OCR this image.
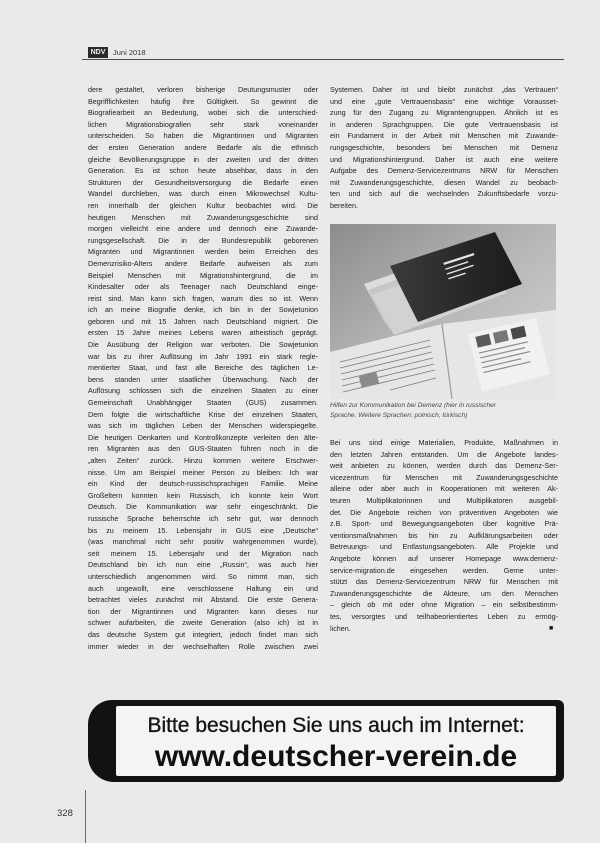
NDV	Juni 2018
dere gestaltet, verloren bisherige Deutungsmuster oder
Begrifflichkeiten häufig ihre Gültigkeit. So gewinnt die
Biografiearbeit an Bedeutung, wobei sich die unterschied-
lichen Migrationsbiografien sehr stark voneinander
unterscheiden. So haben die Migrantinnen und Migranten
der ersten Generation andere Bedarfe als die ethnisch
gleiche Bevölkerungsgruppe in der zweiten und der dritten
Generation. Es ist schon heute absehbar, dass in den
Strukturen der Gesundheitsversorgung die Bedarfe einen
Wandel durchleben, was durch einen Mikrowechsel Kultu-
ren innerhalb der gleichen Kultur beobachtet wird. Die
heutigen Menschen mit Zuwanderungsgeschichte sind
morgen vielleicht eine andere und dennoch eine Zuwande-
rungsgesellschaft. Die in der Bundesrepublik geborenen
Migranten und Migrantinnen werden beim Erreichen des
Demenzrisiko-Alters andere Bedarfe aufweisen als zum
Beispiel Menschen mit Migrationshintergrund, die im
Kindesalter oder als Teenager nach Deutschland einge-
reist sind. Man kann sich fragen, warum dies so ist. Wenn
ich an meine Biografie denke, ich bin in der Sowjetunion
geboren und mit 15 Jahren nach Deutschland migriert. Die
ersten 15 Jahre meines Lebens waren atheistisch geprägt.
Die Ausübung der Religion war verboten. Die Sowjetunion
war bis zu ihrer Auflösung im Jahr 1991 ein stark regle-
mentierter Staat, und fast alle Bereiche des täglichen Le-
bens standen unter staatlicher Überwachung. Nach der
Auflösung schlossen sich die einzelnen Staaten zu einer
Gemeinschaft Unabhängiger Staaten (GUS) zusammen.
Dem folgte die wirtschaftliche Krise der einzelnen Staaten,
was sich im täglichen Leben der Menschen widerspiegelte.
Die heutigen Denkarten und Kontrollkonzepte verleiten den älte-
ren Migranten aus den GUS-Staaten führen noch in die
„alten Zeiten“ zurück. Hinzu kommen weitere Erschwer-
nisse. Um am Beispiel meiner Person zu bleiben: Ich war
ein Kind der deutsch-russischsprachigen Familie. Meine
Großeltern konnten kein Russisch, ich konnte kein Wort
Deutsch. Die Kommunikation war sehr eingeschränkt. Die
russische Sprache beherrschte ich sehr gut, war dennoch
bis zu meinem 15. Lebensjahr in GUS eine „Deutsche“
(was manchmal nicht sehr positiv wahrgenommen wurde),
seit meinem 15. Lebensjahr und der Migration nach
Deutschland bin ich nun eine „Russin“, was auch hier
unterschiedlich angenommen wird. So nimmt man, sich
auch ungewollt, eine verschlossene Haltung ein und
betrachtet vieles zunächst mit Abstand. Die erste Genera-
tion der Migrantinnen und Migranten kann dieses nur
schwer aufarbeiten, die zweite Generation (also ich) ist in
das deutsche System gut integriert, jedoch findet man sich
immer wieder in der wechselhaften Rolle zwischen zwei
Systemen. Daher ist und bleibt zunächst „das Vertrauen“
und eine „gute Vertrauensbasis“ eine wichtige Vorausset-
zung für den Zugang zu Migrantengruppen. Ähnlich ist es
in anderen Sprachgruppen. Die gute Vertrauensbasis ist
ein Fundament in der Arbeit mit Menschen mit Zuwande-
rungsgeschichte, besonders bei Menschen mit Demenz
und Migrationshintergrund. Daher ist auch eine weitere
Aufgabe des Demenz-Servicezentrums NRW für Menschen
mit Zuwanderungsgeschichte, diesen Wandel zu beobach-
ten und sich auf die wechselnden Zukunftsbedarfe vorzu-
bereiten.
Hilfen zur Kommunikation bei Demenz (hier in russischer
Sprache. Weitere Sprachen: polnisch, türkisch)
Bei uns sind einige Materialien, Produkte, Maßnahmen in
den letzten Jahren entstanden. Um die Angebote landes-
weit anbieten zu können, werden durch das Demenz-Ser-
vicezentrum für Menschen mit Zuwanderungsgeschichte
alleine oder aber auch in Kooperationen mit weiteren Ak-
teuren Multiplikatorinnen und Multiplikatoren ausgebil-
det. Die Angebote reichen von präventiven Angeboten wie
z.B. Sport- und Bewegungsangeboten über kognitive Prä-
ventionsmaßnahmen bis hin zu Aufklärungsarbeiten oder
Betreuungs- und Entlastungsangeboten. Alle Projekte und
Angebote können auf unserer Homepage www.demenz-
service-migration.de eingesehen werden. Gerne unter-
stützt das Demenz-Servicezentrum NRW für Menschen mit
Zuwanderungsgeschichte die Akteure, um den Menschen
– gleich ob mit oder ohne Migration – ein selbstbestimm-
tes, versorgtes und teilhabeorientiertes Leben zu ermög-
lichen.	■
Bitte besuchen Sie uns auch im Internet:
www.deutscher-verein.de
328
